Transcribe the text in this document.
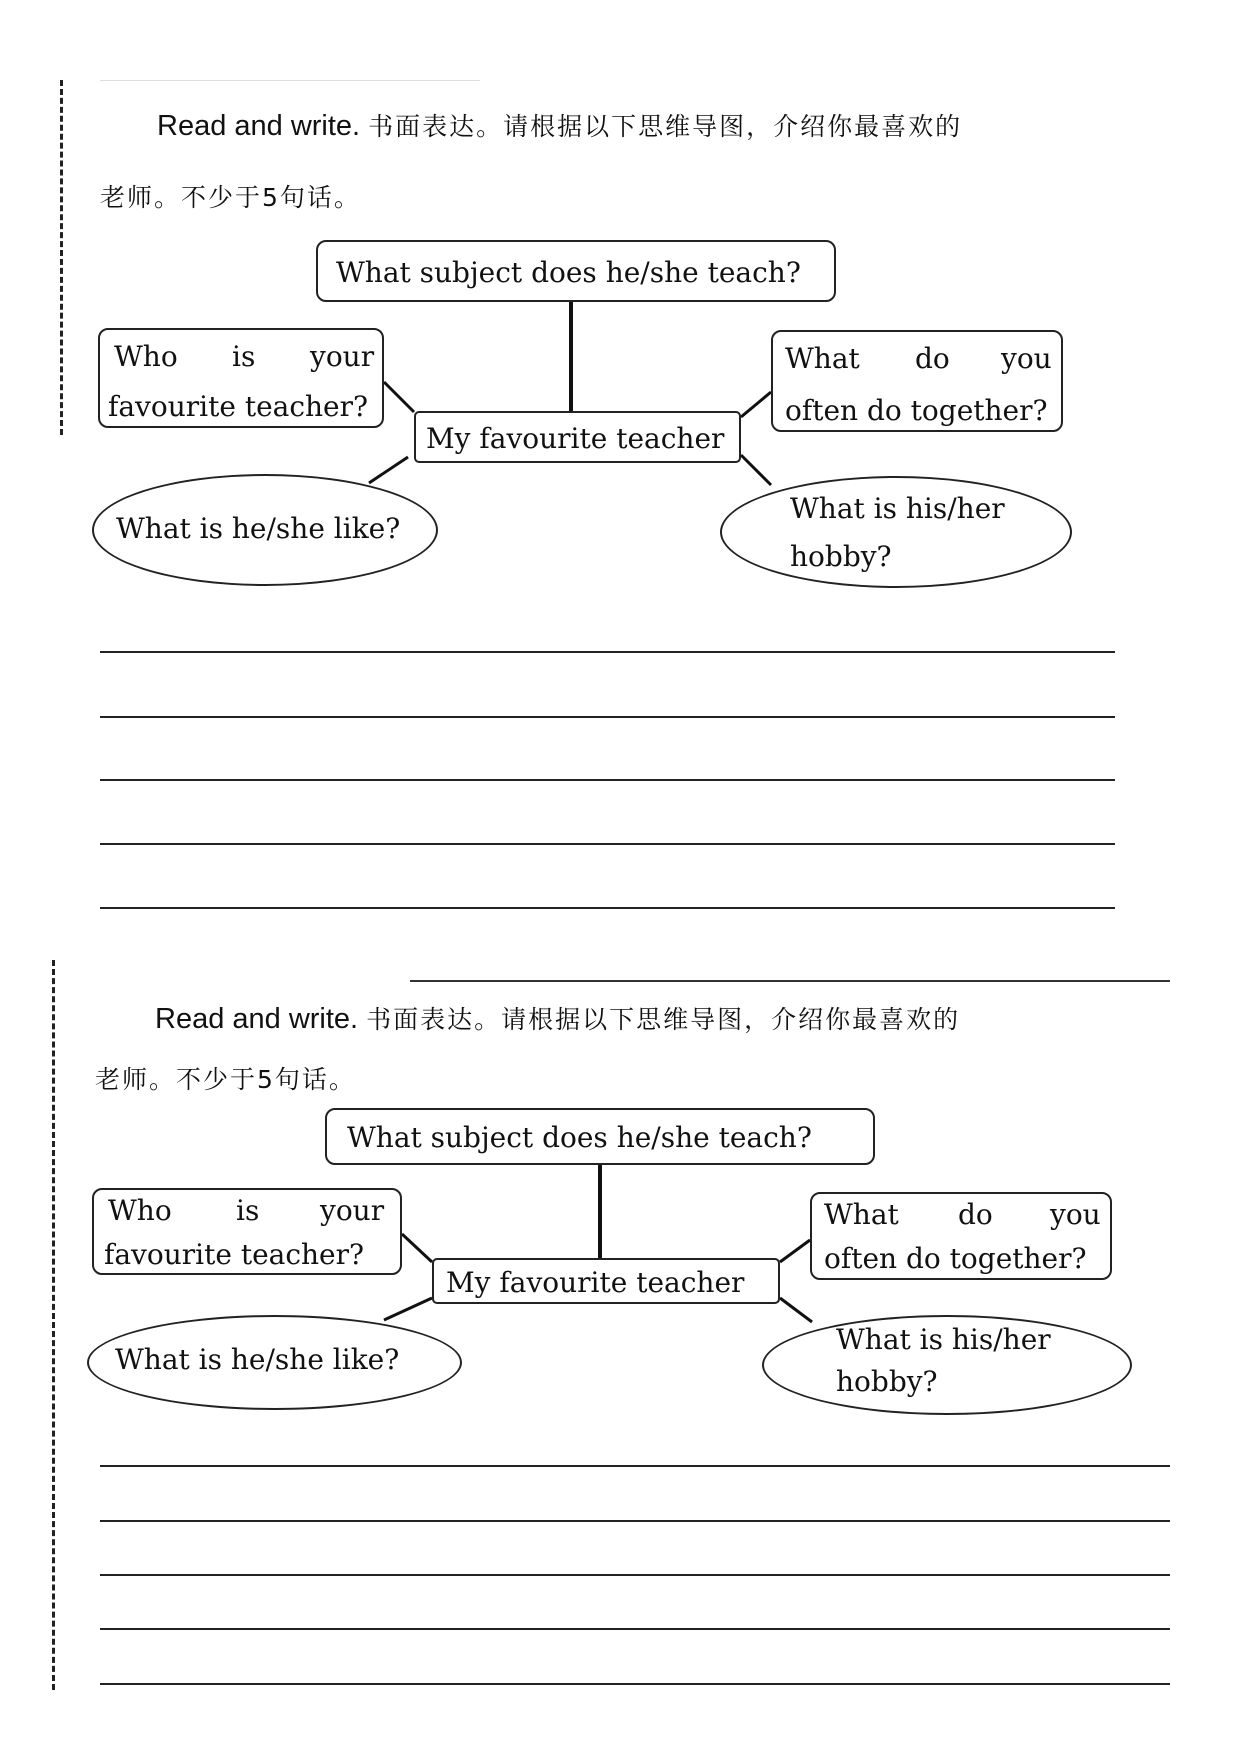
Read and write. 书面表达。请根据以下思维导图，介绍你最喜欢的
老师。不少于5句话。
What subject does he/she teach?
Who is your
favourite teacher?
My favourite teacher
What do you
often do together?
What is he/she like?
What is his/her
hobby?
Read and write. 书面表达。请根据以下思维导图，介绍你最喜欢的
老师。不少于5句话。
What subject does he/she teach?
Who is your
favourite teacher?
My favourite teacher
What do you
often do together?
What is he/she like?
What is his/her
hobby?
